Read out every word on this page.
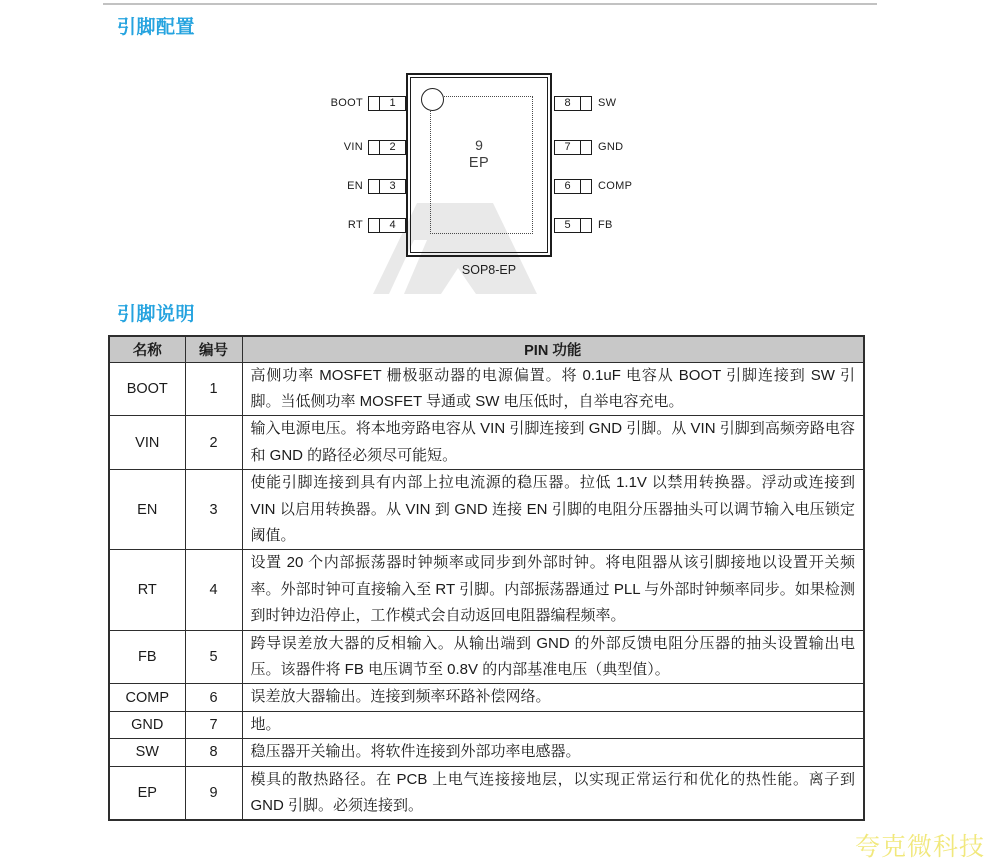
引脚配置
9
EP
SOP8-EP
BOOT	1
VIN	2
EN	3
RT	4
8	SW
7	GND
6	COMP
5	FB
引脚说明
名称	编号	PIN 功能
BOOT	1	高侧功率 MOSFET 栅极驱动器的电源偏置。将 0.1uF 电容从 BOOT 引脚连接到 SW 引脚。当低侧功率 MOSFET 导通或 SW 电压低时，自举电容充电。
VIN	2	输入电源电压。将本地旁路电容从 VIN 引脚连接到 GND 引脚。从 VIN 引脚到高频旁路电容和 GND 的路径必须尽可能短。
EN	3	使能引脚连接到具有内部上拉电流源的稳压器。拉低 1.1V 以禁用转换器。浮动或连接到 VIN 以启用转换器。从 VIN 到 GND 连接 EN 引脚的电阻分压器抽头可以调节输入电压锁定阈值。
RT	4	设置 20 个内部振荡器时钟频率或同步到外部时钟。将电阻器从该引脚接地以设置开关频率。外部时钟可直接输入至 RT 引脚。内部振荡器通过 PLL 与外部时钟频率同步。如果检测到时钟边沿停止，工作模式会自动返回电阻器编程频率。
FB	5	跨导误差放大器的反相输入。从输出端到 GND 的外部反馈电阻分压器的抽头设置输出电压。该器件将 FB 电压调节至 0.8V 的内部基准电压（典型值）。
COMP	6	误差放大器输出。连接到频率环路补偿网络。
GND	7	地。
SW	8	稳压器开关输出。将软件连接到外部功率电感器。
EP	9	模具的散热路径。在 PCB 上电气连接接地层，以实现正常运行和优化的热性能。离子到 GND 引脚。必须连接到。
夸克微科技
